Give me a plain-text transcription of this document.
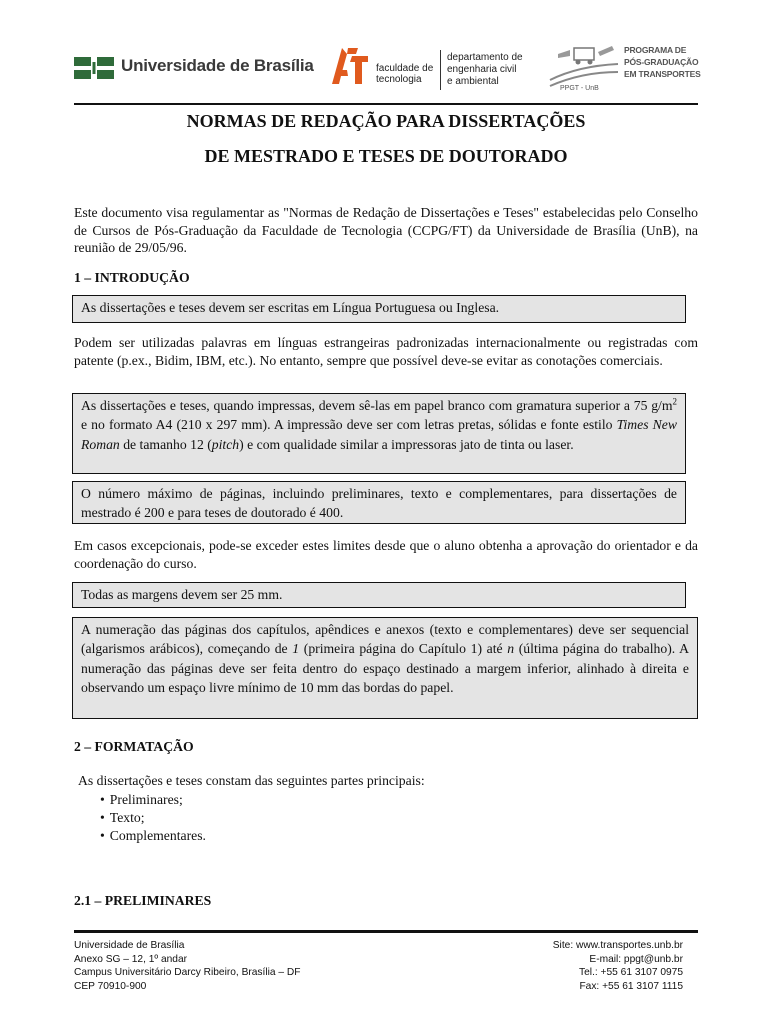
Universidade de Brasília	faculdade de
tecnologia
departamento de
engenharia civil
e ambiental
PPGT - UnB
PROGRAMA DE
PÓS-GRADUAÇÃO
EM TRANSPORTES
NORMAS DE REDAÇÃO PARA DISSERTAÇÕES
DE MESTRADO E TESES DE DOUTORADO
Este documento visa regulamentar as "Normas de Redação de Dissertações e Teses" estabelecidas pelo Conselho de Cursos de Pós-Graduação da Faculdade de Tecnologia (CCPG/FT) da Universidade de Brasília (UnB), na reunião de 29/05/96.
1 – INTRODUÇÃO
As dissertações e teses devem ser escritas em Língua Portuguesa ou Inglesa.
Podem ser utilizadas palavras em línguas estrangeiras padronizadas internacionalmente ou registradas com patente (p.ex., Bidim, IBM, etc.). No entanto, sempre que possível deve-se evitar as conotações comerciais.
As dissertações e teses, quando impressas, devem sê-las em papel branco com gramatura superior a 75 $g/m^2$ e no formato A4 (210 x 297 mm). A impressão deve ser com letras pretas, sólidas e fonte estilo Times New Roman de tamanho 12 (pitch) e com qualidade similar a impressoras jato de tinta ou laser.
O número máximo de páginas, incluindo preliminares, texto e complementares, para dissertações de mestrado é 200 e para teses de doutorado é 400.
Em casos excepcionais, pode-se exceder estes limites desde que o aluno obtenha a aprovação do orientador e da coordenação do curso.
Todas as margens devem ser 25 mm.
A numeração das páginas dos capítulos, apêndices e anexos (texto e complementares) deve ser sequencial (algarismos arábicos), começando de 1 (primeira página do Capítulo 1) até n (última página do trabalho). A numeração das páginas deve ser feita dentro do espaço destinado a margem inferior, alinhado à direita e observando um espaço livre mínimo de 10 mm das bordas do papel.
2 – FORMATAÇÃO
As dissertações e teses constam das seguintes partes principais:
• Preliminares;
• Texto;
• Complementares.
2.1 – PRELIMINARES
Universidade de Brasília
Anexo SG – 12, 1º andar
Campus Universitário Darcy Ribeiro, Brasília – DF
CEP 70910-900
Site: www.transportes.unb.br
E-mail: ppgt@unb.br
Tel.: +55 61 3107 0975
Fax: +55 61 3107 1115
